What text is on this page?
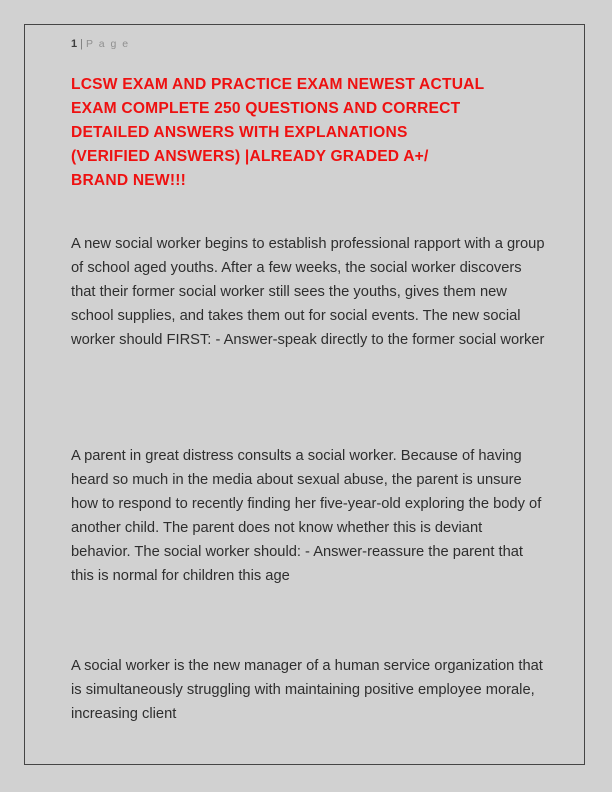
1 | P a g e
LCSW EXAM AND PRACTICE EXAM NEWEST ACTUAL
EXAM COMPLETE 250 QUESTIONS AND CORRECT
DETAILED ANSWERS WITH EXPLANATIONS
(VERIFIED ANSWERS) |ALREADY GRADED A+/
BRAND NEW!!!

A new social worker begins to establish professional rapport with a group of school aged youths. After a few weeks, the social worker discovers that their former social worker still sees the youths, gives them new school supplies, and takes them out for social events. The new social worker should FIRST: - Answer-speak directly to the former social worker

A parent in great distress consults a social worker. Because of having heard so much in the media about sexual abuse, the parent is unsure how to respond to recently finding her five-year-old exploring the body of another child. The parent does not know whether this is deviant behavior. The social worker should: - Answer-reassure the parent that this is normal for children this age

A social worker is the new manager of a human service organization that is simultaneously struggling with maintaining positive employee morale, increasing client
